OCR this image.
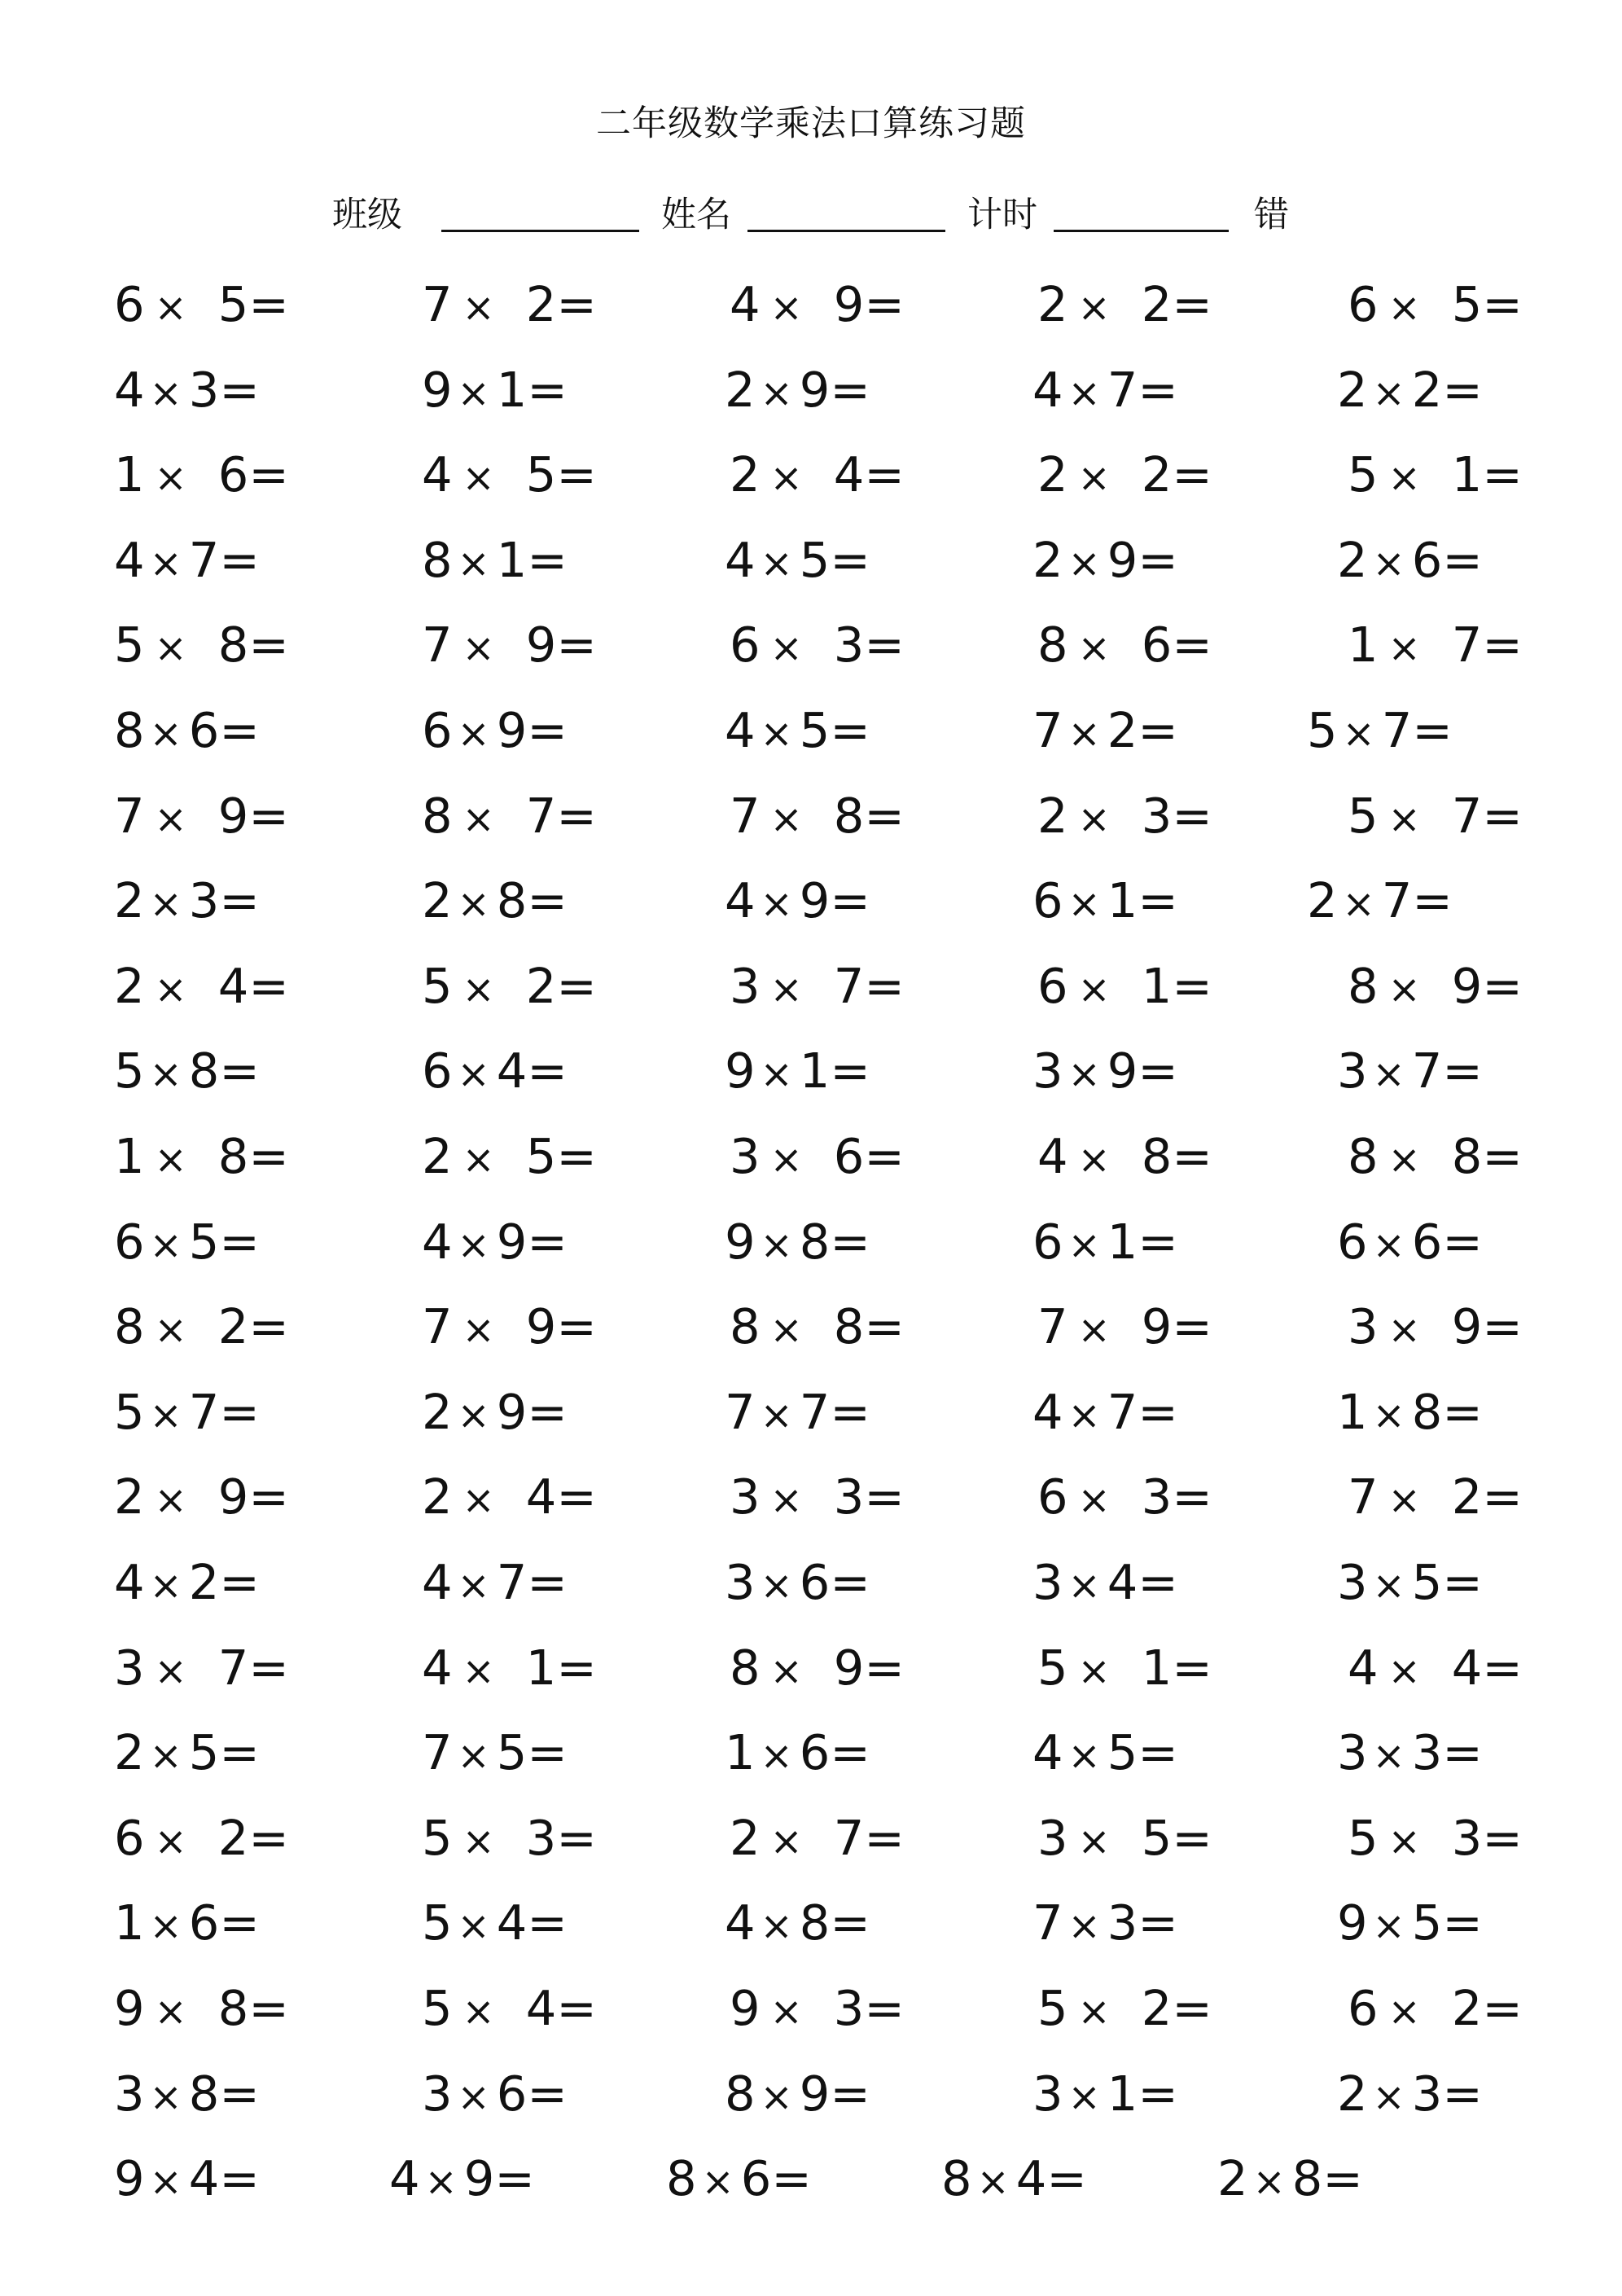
二年级数学乘法口算练习题
班级	姓名	计时	错
6 × 5=	7 × 2=	4 × 9=	2 × 2=	6 × 5=
4 × 3=	9 × 1=	2 × 9=	4 × 7=	2 × 2=
1 × 6=	4 × 5=	2 × 4=	2 × 2=	5 × 1=
4 × 7=	8 × 1=	4 × 5=	2 × 9=	2 × 6=
5 × 8=	7 × 9=	6 × 3=	8 × 6=	1 × 7=
8 × 6=	6 × 9=	4 × 5=	7 × 2=	5 × 7=
7 × 9=	8 × 7=	7 × 8=	2 × 3=	5 × 7=
2 × 3=	2 × 8=	4 × 9=	6 × 1=	2 × 7=
2 × 4=	5 × 2=	3 × 7=	6 × 1=	8 × 9=
5 × 8=	6 × 4=	9 × 1=	3 × 9=	3 × 7=
1 × 8=	2 × 5=	3 × 6=	4 × 8=	8 × 8=
6 × 5=	4 × 9=	9 × 8=	6 × 1=	6 × 6=
8 × 2=	7 × 9=	8 × 8=	7 × 9=	3 × 9=
5 × 7=	2 × 9=	7 × 7=	4 × 7=	1 × 8=
2 × 9=	2 × 4=	3 × 3=	6 × 3=	7 × 2=
4 × 2=	4 × 7=	3 × 6=	3 × 4=	3 × 5=
3 × 7=	4 × 1=	8 × 9=	5 × 1=	4 × 4=
2 × 5=	7 × 5=	1 × 6=	4 × 5=	3 × 3=
6 × 2=	5 × 3=	2 × 7=	3 × 5=	5 × 3=
1 × 6=	5 × 4=	4 × 8=	7 × 3=	9 × 5=
9 × 8=	5 × 4=	9 × 3=	5 × 2=	6 × 2=
3 × 8=	3 × 6=	8 × 9=	3 × 1=	2 × 3=
9 × 4=	4 × 9=	8 × 6=	8 × 4=	2 × 8=
